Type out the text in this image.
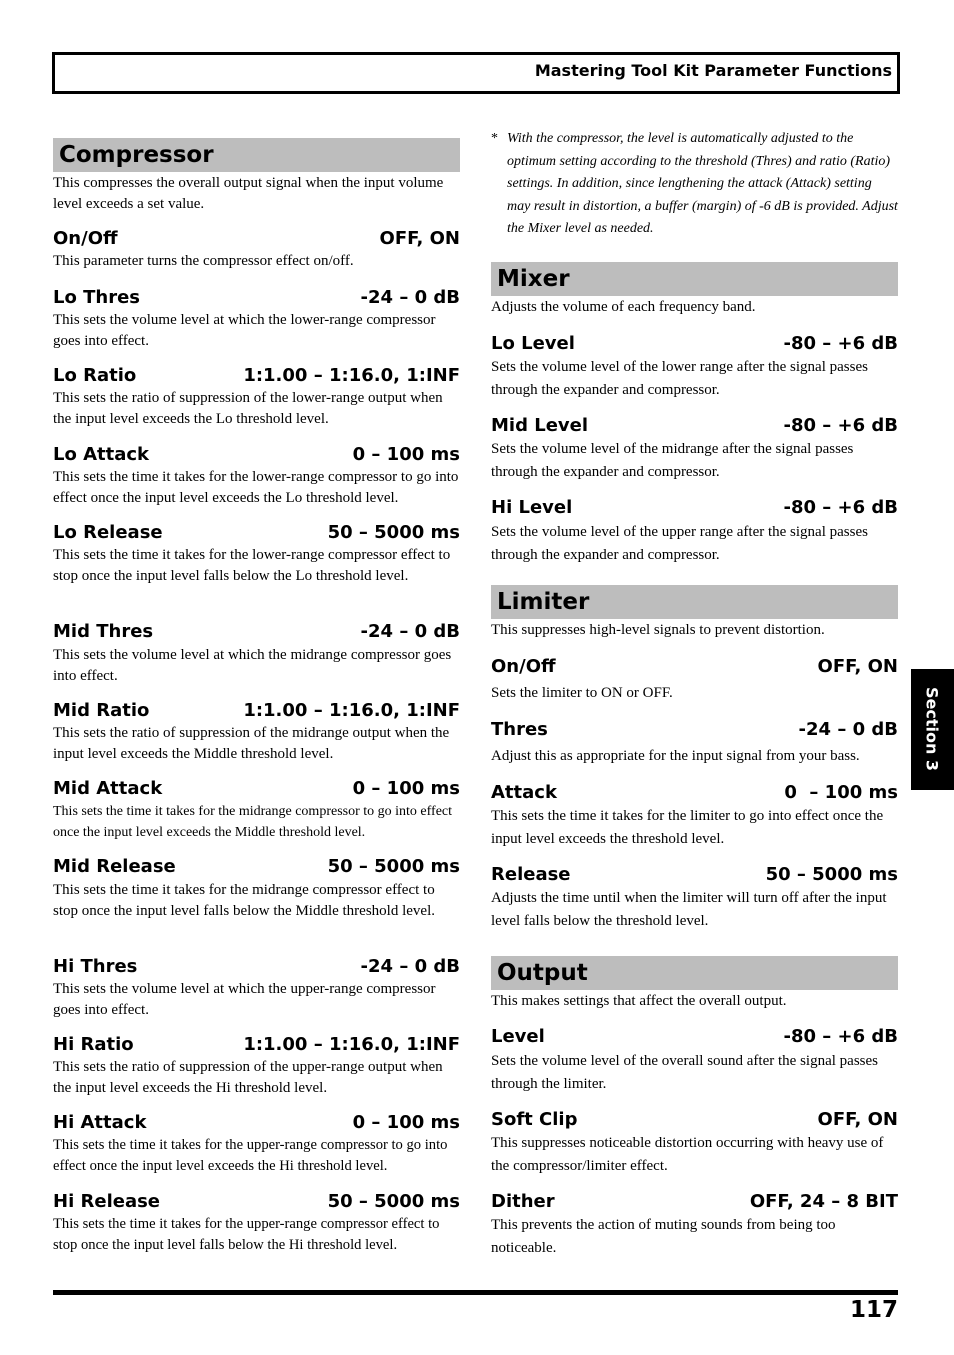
Mastering Tool Kit Parameter Functions
Compressor
This compresses the overall output signal when the input volume level exceeds a set value.
On/Off	OFF, ON
This parameter turns the compressor effect on/off.
Lo Thres	-24 – 0 dB
This sets the volume level at which the lower-range compressor goes into effect.
Lo Ratio	1:1.00 – 1:16.0, 1:INF
This sets the ratio of suppression of the lower-range output when the input level exceeds the Lo threshold level.
Lo Attack	0 – 100 ms
This sets the time it takes for the lower-range compressor to go into effect once the input level exceeds the Lo threshold level.
Lo Release	50 – 5000 ms
This sets the time it takes for the lower-range compressor effect to stop once the input level falls below the Lo threshold level.
Mid Thres	-24 – 0 dB
This sets the volume level at which the midrange compressor goes into effect.
Mid Ratio	1:1.00 – 1:16.0, 1:INF
This sets the ratio of suppression of the midrange output when the input level exceeds the Middle threshold level.
Mid Attack	0 – 100 ms
This sets the time it takes for the midrange compressor to go into effect once the input level exceeds the Middle threshold level.
Mid Release	50 – 5000 ms
This sets the time it takes for the midrange compressor effect to stop once the input level falls below the Middle threshold level.
Hi Thres	-24 – 0 dB
This sets the volume level at which the upper-range compressor goes into effect.
Hi Ratio	1:1.00 – 1:16.0, 1:INF
This sets the ratio of suppression of the upper-range output when the input level exceeds the Hi threshold level.
Hi Attack	0 – 100 ms
This sets the time it takes for the upper-range compressor to go into effect once the input level exceeds the Hi threshold level.
Hi Release	50 – 5000 ms
This sets the time it takes for the upper-range compressor effect to stop once the input level falls below the Hi threshold level.
* With the compressor, the level is automatically adjusted to the optimum setting according to the threshold (Thres) and ratio (Ratio) settings. In addition, since lengthening the attack (Attack) setting may result in distortion, a buffer (margin) of -6 dB is provided. Adjust the Mixer level as needed.
Mixer
Adjusts the volume of each frequency band.
Lo Level	-80 – +6 dB
Sets the volume level of the lower range after the signal passes through the expander and compressor.
Mid Level	-80 – +6 dB
Sets the volume level of the midrange after the signal passes through the expander and compressor.
Hi Level	-80 – +6 dB
Sets the volume level of the upper range after the signal passes through the expander and compressor.
Limiter
This suppresses high-level signals to prevent distortion.
On/Off	OFF, ON
Sets the limiter to ON or OFF.
Thres	-24 – 0 dB
Adjust this as appropriate for the input signal from your bass.
Attack	0  – 100 ms
This sets the time it takes for the limiter to go into effect once the input level exceeds the threshold level.
Release	50 – 5000 ms
Adjusts the time until when the limiter will turn off after the input level falls below the threshold level.
Output
This makes settings that affect the overall output.
Level	-80 – +6 dB
Sets the volume level of the overall sound after the signal passes through the limiter.
Soft Clip	OFF, ON
This suppresses noticeable distortion occurring with heavy use of the compressor/limiter effect.
Dither	OFF, 24 – 8 BIT
This prevents the action of muting sounds from being too noticeable.
Section 3
117
